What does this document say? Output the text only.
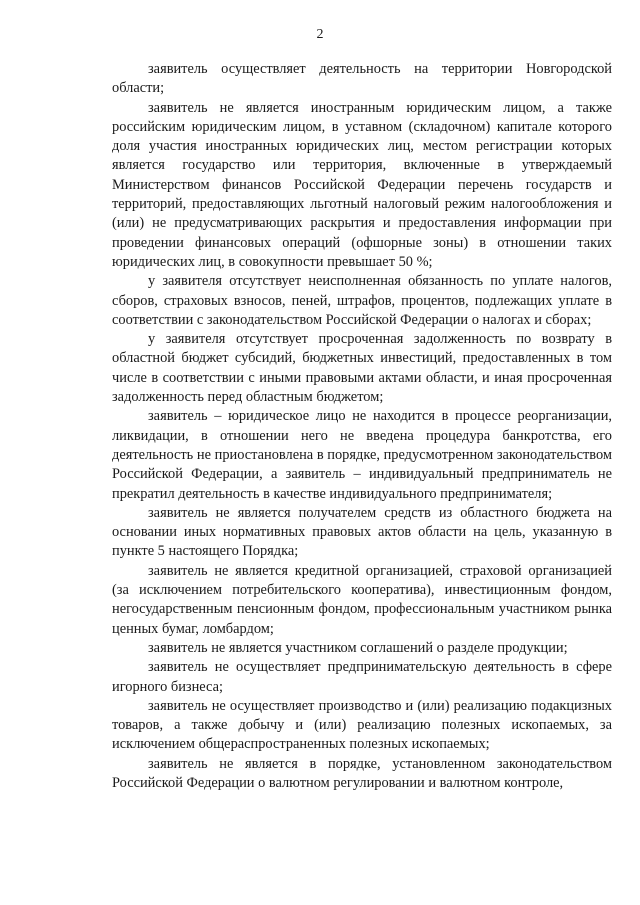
2

заявитель осуществляет деятельность на территории Новгородской области;

заявитель не является иностранным юридическим лицом, а также российским юридическим лицом, в уставном (складочном) капитале которого доля участия иностранных юридических лиц, местом регистрации которых является государство или территория, включенные в утверждаемый Министерством финансов Российской Федерации перечень государств и территорий, предоставляющих льготный налоговый режим налогообложения и (или) не предусматривающих раскрытия и предоставления информации при проведении финансовых операций (офшорные зоны) в отношении таких юридических лиц, в совокупности превышает 50 %;

у заявителя отсутствует неисполненная обязанность по уплате налогов, сборов, страховых взносов, пеней, штрафов, процентов, подлежащих уплате в соответствии с законодательством Российской Федерации о налогах и сборах;

у заявителя отсутствует просроченная задолженность по возврату в областной бюджет субсидий, бюджетных инвестиций, предоставленных в том числе в соответствии с иными правовыми актами области, и иная просроченная задолженность перед областным бюджетом;

заявитель – юридическое лицо не находится в процессе реорганизации, ликвидации, в отношении него не введена процедура банкротства, его деятельность не приостановлена в порядке, предусмотренном законодательством Российской Федерации, а заявитель – индивидуальный предприниматель не прекратил деятельность в качестве индивидуального предпринимателя;

заявитель не является получателем средств из областного бюджета на основании иных нормативных правовых актов области на цель, указанную в пункте 5 настоящего Порядка;

заявитель не является кредитной организацией, страховой организацией (за исключением потребительского кооператива), инвестиционным фондом, негосударственным пенсионным фондом, профессиональным участником рынка ценных бумаг, ломбардом;

заявитель не является участником соглашений о разделе продукции;

заявитель не осуществляет предпринимательскую деятельность в сфере игорного бизнеса;

заявитель не осуществляет производство и (или) реализацию подакцизных товаров, а также добычу и (или) реализацию полезных ископаемых, за исключением общераспространенных полезных ископаемых;

заявитель не является в порядке, установленном законодательством Российской Федерации о валютном регулировании и валютном контроле,
